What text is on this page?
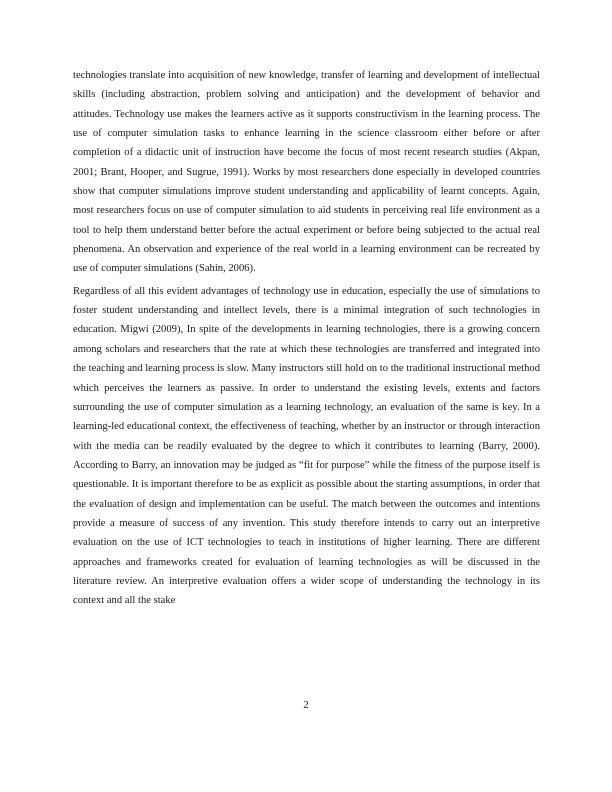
technologies translate into acquisition of new knowledge, transfer of learning and development of intellectual skills (including abstraction, problem solving and anticipation) and the development of behavior and attitudes. Technology use makes the learners active as it supports constructivism in the learning process. The use of computer simulation tasks to enhance learning in the science classroom either before or after completion of a didactic unit of instruction have become the focus of most recent research studies (Akpan, 2001; Brant, Hooper, and Sugrue, 1991). Works by most researchers done especially in developed countries show that computer simulations improve student understanding and applicability of learnt concepts. Again, most researchers focus on use of computer simulation to aid students in perceiving real life environment as a tool to help them understand better before the actual experiment or before being subjected to the actual real phenomena. An observation and experience of the real world in a learning environment can be recreated by use of computer simulations (Sahin, 2006).

Regardless of all this evident advantages of technology use in education, especially the use of simulations to foster student understanding and intellect levels, there is a minimal integration of such technologies in education. Migwi (2009), In spite of the developments in learning technologies, there is a growing concern among scholars and researchers that the rate at which these technologies are transferred and integrated into the teaching and learning process is slow. Many instructors still hold on to the traditional instructional method which perceives the learners as passive. In order to understand the existing levels, extents and factors surrounding the use of computer simulation as a learning technology, an evaluation of the same is key. In a learning-led educational context, the effectiveness of teaching, whether by an instructor or through interaction with the media can be readily evaluated by the degree to which it contributes to learning (Barry, 2000). According to Barry, an innovation may be judged as “fit for purpose” while the fitness of the purpose itself is questionable. It is important therefore to be as explicit as possible about the starting assumptions, in order that the evaluation of design and implementation can be useful. The match between the outcomes and intentions provide a measure of success of any invention. This study therefore intends to carry out an interpretive evaluation on the use of ICT technologies to teach in institutions of higher learning. There are different approaches and frameworks created for evaluation of learning technologies as will be discussed in the literature review. An interpretive evaluation offers a wider scope of understanding the technology in its context and all the stake

2
